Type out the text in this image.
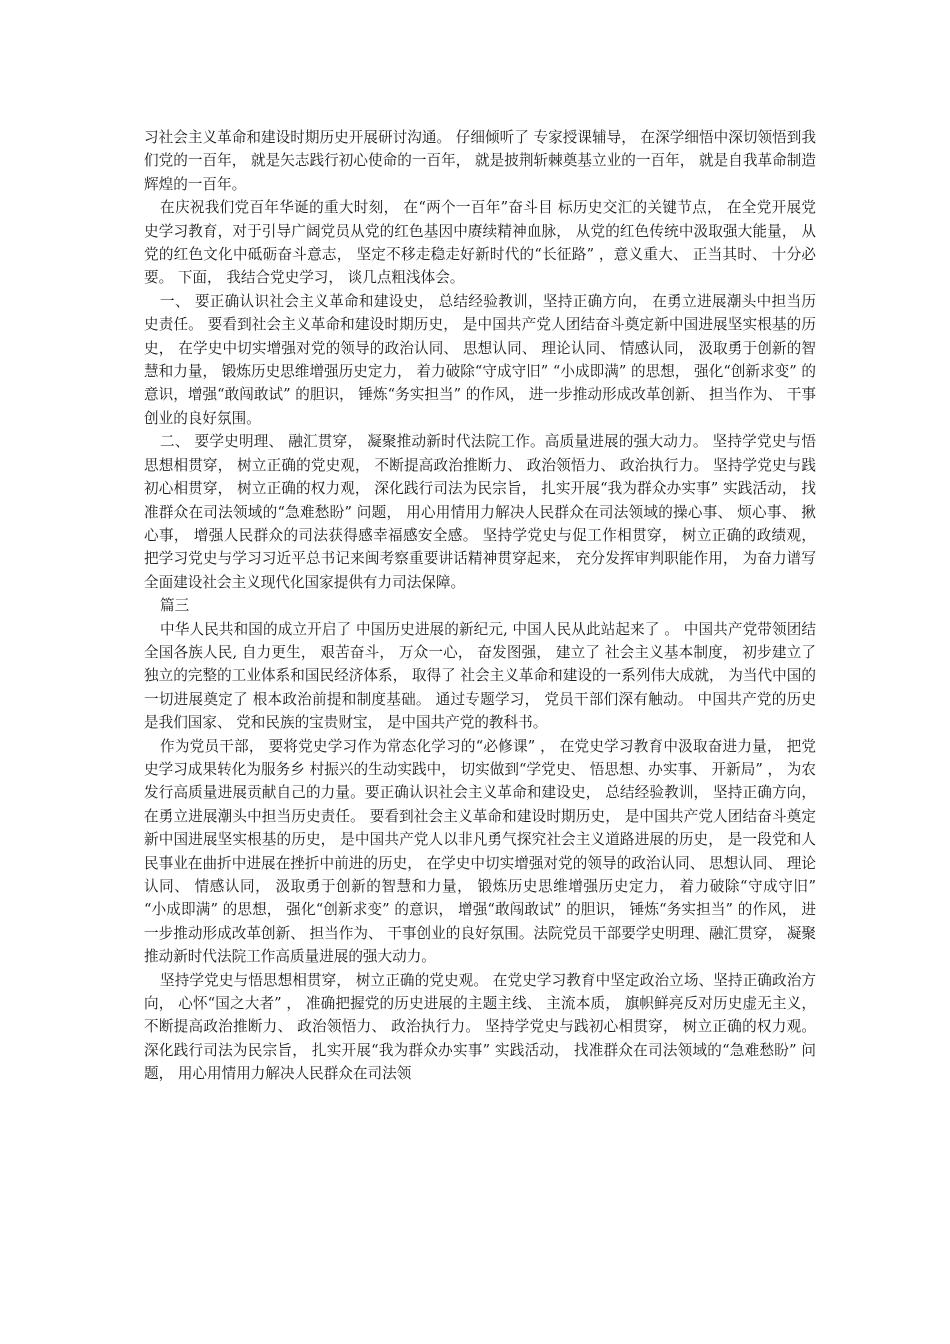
习社会主义革命和建设时期历史开展研讨沟通。 仔细倾听了 专家授课辅导， 在深学细悟中深切领悟到我们党的一百年， 就是矢志践行初心使命的一百年， 就是披荆斩棘奠基立业的一百年， 就是自我革命制造辉煌的一百年。

在庆祝我们党百年华诞的重大时刻， 在“两个一百年”奋斗目 标历史交汇的关键节点， 在全党开展党史学习教育，对于引导广阔党员从党的红色基因中赓续精神血脉， 从党的红色传统中汲取强大能量， 从党的红色文化中砥砺奋斗意志， 坚定不移走稳走好新时代的“长征路” ，意义重大、 正当其时、 十分必要。 下面， 我结合党史学习， 谈几点粗浅体会。

一、 要正确认识社会主义革命和建设史， 总结经验教训，坚持正确方向， 在勇立进展潮头中担当历史责任。 要看到社会主义革命和建设时期历史， 是中国共产党人团结奋斗奠定新中国进展坚实根基的历史， 在学史中切实增强对党的领导的政治认同、 思想认同、 理论认同、 情感认同， 汲取勇于创新的智慧和力量， 锻炼历史思维增强历史定力， 着力破除“守成守旧” “小成即满” 的思想， 强化“创新求变” 的意识，增强“敢闯敢试” 的胆识， 锤炼“务实担当” 的作风， 进一步推动形成改革创新、 担当作为、 干事创业的良好氛围。

二、 要学史明理、 融汇贯穿， 凝聚推动新时代法院工作。高质量进展的强大动力。 坚持学党史与悟思想相贯穿， 树立正确的党史观， 不断提高政治推断力、 政治领悟力、 政治执行力。 坚持学党史与践初心相贯穿， 树立正确的权力观， 深化践行司法为民宗旨， 扎实开展“我为群众办实事” 实践活动， 找准群众在司法领域的“急难愁盼” 问题， 用心用情用力解决人民群众在司法领域的操心事、 烦心事、 揪心事， 增强人民群众的司法获得感幸福感安全感。 坚持学党史与促工作相贯穿， 树立正确的政绩观， 把学习党史与学习习近平总书记来闽考察重要讲话精神贯穿起来， 充分发挥审判职能作用， 为奋力谱写全面建设社会主义现代化国家提供有力司法保障。

篇三

中华人民共和国的成立开启了 中国历史进展的新纪元, 中国人民从此站起来了 。 中国共产党带领团结全国各族人民, 自力更生， 艰苦奋斗， 万众一心， 奋发图强， 建立了 社会主义基本制度， 初步建立了 独立的完整的工业体系和国民经济体系， 取得了 社会主义革命和建设的一系列伟大成就， 为当代中国的一切进展奠定了 根本政治前提和制度基础。 通过专题学习， 党员干部们深有触动。 中国共产党的历史是我们国家、 党和民族的宝贵财宝， 是中国共产党的教科书。

作为党员干部， 要将党史学习作为常态化学习的“必修课” ， 在党史学习教育中汲取奋进力量， 把党史学习成果转化为服务乡 村振兴的生动实践中， 切实做到“学党史、 悟思想、办实事、 开新局” ， 为农发行高质量进展贡献自己的力量。要正确认识社会主义革命和建设史， 总结经验教训， 坚持正确方向， 在勇立进展潮头中担当历史责任。 要看到社会主义革命和建设时期历史， 是中国共产党人团结奋斗奠定新中国进展坚实根基的历史， 是中国共产党人以非凡勇气探究社会主义道路进展的历史， 是一段党和人民事业在曲折中进展在挫折中前进的历史， 在学史中切实增强对党的领导的政治认同、 思想认同、 理论认同、 情感认同， 汲取勇于创新的智慧和力量， 锻炼历史思维增强历史定力， 着力破除“守成守旧” “小成即满” 的思想， 强化“创新求变” 的意识， 增强“敢闯敢试” 的胆识， 锤炼“务实担当” 的作风， 进一步推动形成改革创新、 担当作为、 干事创业的良好氛围。法院党员干部要学史明理、融汇贯穿， 凝聚推动新时代法院工作高质量进展的强大动力。

坚持学党史与悟思想相贯穿， 树立正确的党史观。 在党史学习教育中坚定政治立场、坚持正确政治方向， 心怀“国之大者” ， 准确把握党的历史进展的主题主线、 主流本质， 旗帜鲜亮反对历史虚无主义，不断提高政治推断力、 政治领悟力、 政治执行力。 坚持学党史与践初心相贯穿， 树立正确的权力观。 深化践行司法为民宗旨， 扎实开展“我为群众办实事” 实践活动， 找准群众在司法领域的“急难愁盼” 问题， 用心用情用力解决人民群众在司法领
